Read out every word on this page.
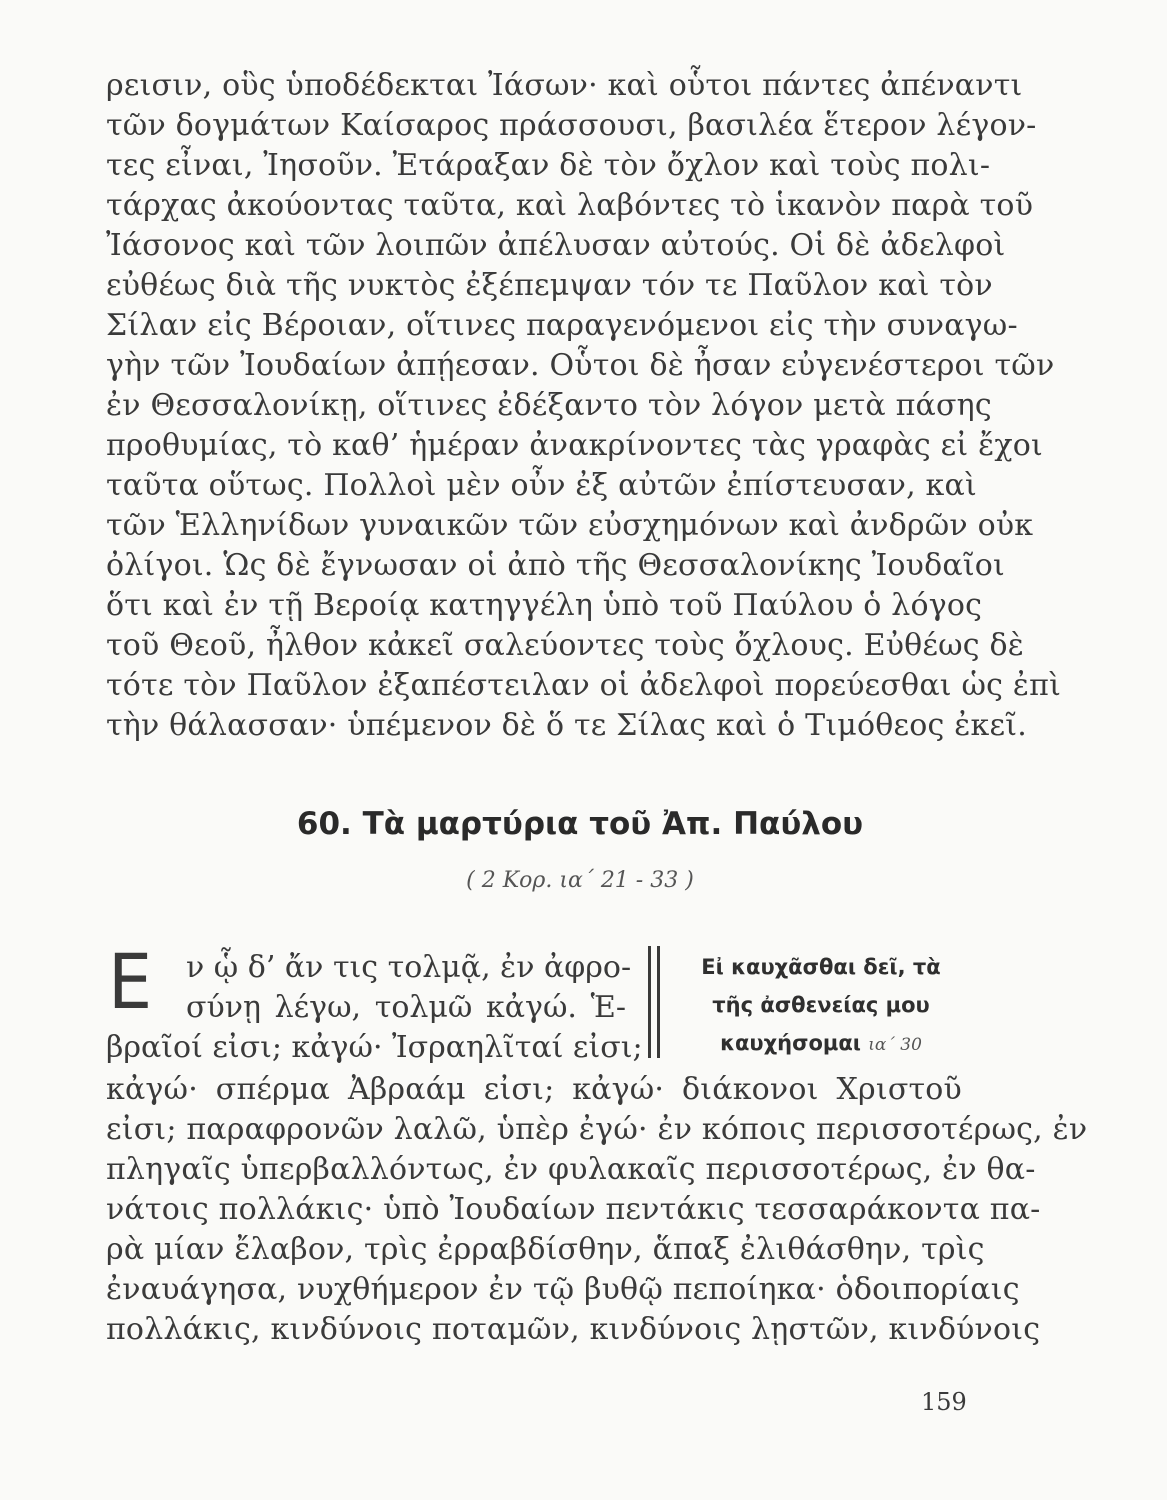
ρεισιν, οὓς ὑποδέδεκται Ἰάσων· καὶ οὗτοι πάντες ἀπέναντι
τῶν δογμάτων Καίσαρος πράσσουσι, βασιλέα ἕτερον λέγον-
τες εἶναι, Ἰησοῦν. Ἐτάραξαν δὲ τὸν ὄχλον καὶ τοὺς πολι-
τάρχας ἀκούοντας ταῦτα, καὶ λαβόντες τὸ ἱκανὸν παρὰ τοῦ
Ἰάσονος καὶ τῶν λοιπῶν ἀπέλυσαν αὐτούς. Οἱ δὲ ἀδελφοὶ
εὐθέως διὰ τῆς νυκτὸς ἐξέπεμψαν τόν τε Παῦλον καὶ τὸν
Σίλαν εἰς Βέροιαν, οἵτινες παραγενόμενοι εἰς τὴν συναγω-
γὴν τῶν Ἰουδαίων ἀπῄεσαν. Οὗτοι δὲ ἦσαν εὐγενέστεροι τῶν
ἐν Θεσσαλονίκῃ, οἵτινες ἐδέξαντο τὸν λόγον μετὰ πάσης
προθυμίας, τὸ καθ’ ἡμέραν ἀνακρίνοντες τὰς γραφὰς εἰ ἔχοι
ταῦτα οὕτως. Πολλοὶ μὲν οὖν ἐξ αὐτῶν ἐπίστευσαν, καὶ
τῶν Ἑλληνίδων γυναικῶν τῶν εὐσχημόνων καὶ ἀνδρῶν οὐκ
ὀλίγοι. Ὡς δὲ ἔγνωσαν οἱ ἀπὸ τῆς Θεσσαλονίκης Ἰουδαῖοι
ὅτι καὶ ἐν τῇ Βεροίᾳ κατηγγέλη ὑπὸ τοῦ Παύλου ὁ λόγος
τοῦ Θεοῦ, ἦλθον κἀκεῖ σαλεύοντες τοὺς ὄχλους. Εὐθέως δὲ
τότε τὸν Παῦλον ἐξαπέστειλαν οἱ ἀδελφοὶ πορεύεσθαι ὡς ἐπὶ
τὴν θάλασσαν· ὑπέμενον δὲ ὅ τε Σίλας καὶ ὁ Τιμόθεος ἐκεῖ.
60. Τὰ μαρτύρια τοῦ Ἀπ. Παύλου
( 2 Κορ. ια΄ 21 - 33 )
Ε ν ᾧ δ’ ἄν τις τολμᾷ, ἐν ἀφρο-
σύνῃ λέγω, τολμῶ κἀγώ. Ἑ-
βραῖοί εἰσι; κἀγώ· Ἰσραηλῖταί εἰσι;
Εἰ καυχᾶσθαι δεῖ, τὰ
τῆς ἀσθενείας μου
καυχήσομαι ια΄ 30
κἀγώ· σπέρμα Ἀβραάμ εἰσι; κἀγώ· διάκονοι Χριστοῦ
εἰσι; παραφρονῶν λαλῶ, ὑπὲρ ἐγώ· ἐν κόποις περισσοτέρως, ἐν
πληγαῖς ὑπερβαλλόντως, ἐν φυλακαῖς περισσοτέρως, ἐν θα-
νάτοις πολλάκις· ὑπὸ Ἰουδαίων πεντάκις τεσσαράκοντα πα-
ρὰ μίαν ἔλαβον, τρὶς ἐρραβδίσθην, ἅπαξ ἐλιθάσθην, τρὶς
ἐναυάγησα, νυχθήμερον ἐν τῷ βυθῷ πεποίηκα· ὁδοιπορίαις
πολλάκις, κινδύνοις ποταμῶν, κινδύνοις λῃστῶν, κινδύνοις
159
